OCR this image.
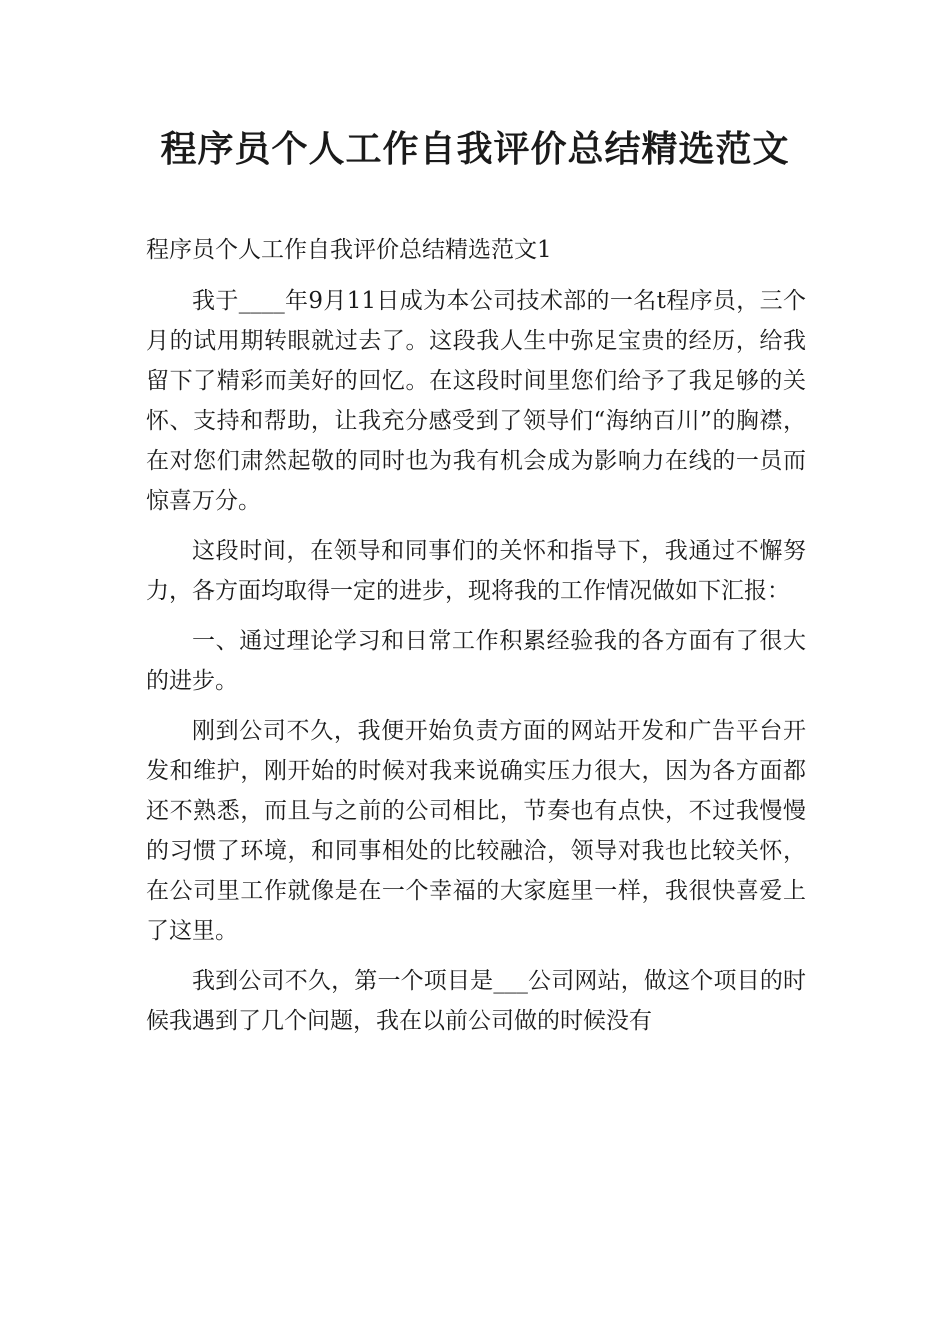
程序员个人工作自我评价总结精选范文

程序员个人工作自我评价总结精选范文1

我于____年9月11日成为本公司技术部的一名t程序员，三个月的试用期转眼就过去了。这段我人生中弥足宝贵的经历，给我留下了精彩而美好的回忆。在这段时间里您们给予了我足够的关怀、支持和帮助，让我充分感受到了领导们“海纳百川”的胸襟，在对您们肃然起敬的同时也为我有机会成为影响力在线的一员而惊喜万分。

这段时间，在领导和同事们的关怀和指导下，我通过不懈努力，各方面均取得一定的进步，现将我的工作情况做如下汇报：

一、通过理论学习和日常工作积累经验我的各方面有了很大的进步。

刚到公司不久，我便开始负责方面的网站开发和广告平台开发和维护，刚开始的时候对我来说确实压力很大，因为各方面都还不熟悉，而且与之前的公司相比，节奏也有点快，不过我慢慢的习惯了环境，和同事相处的比较融洽，领导对我也比较关怀，在公司里工作就像是在一个幸福的大家庭里一样，我很快喜爱上了这里。

我到公司不久，第一个项目是___公司网站，做这个项目的时候我遇到了几个问题，我在以前公司做的时候没有
